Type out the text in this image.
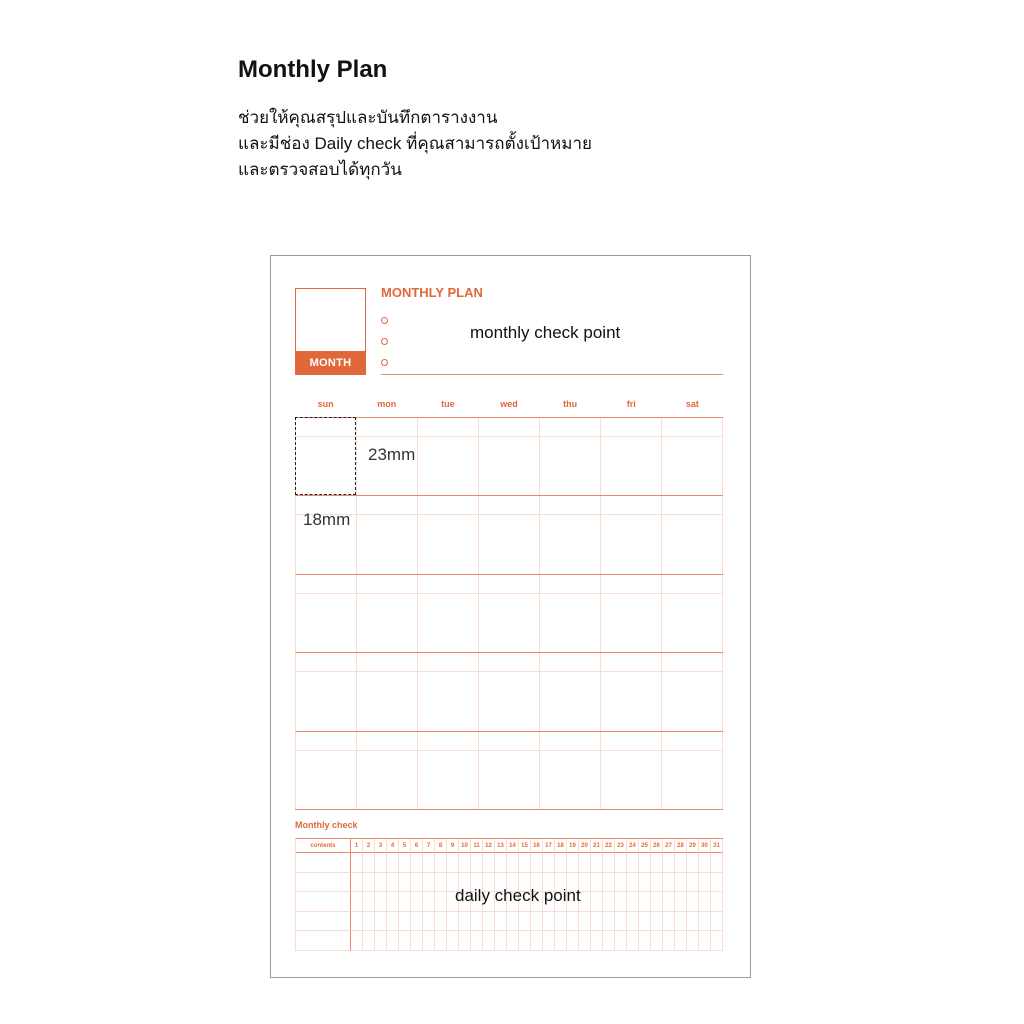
Monthly Plan
ช่วยให้คุณสรุปและบันทึกตารางงาน
และมีช่อง Daily check ที่คุณสามารถตั้งเป้าหมาย
และตรวจสอบได้ทุกวัน
MONTH
MONTHLY PLAN
monthly check point
sun	mon	tue	wed	thu	fri	sat
23mm
18mm
Monthly check
contents	1	2	3	4	5	6	7	8	9	10 11 12 13 14 15 16 17 18 19 20 21 22 23 24 25 26 27 28 29 30 31
daily check point
